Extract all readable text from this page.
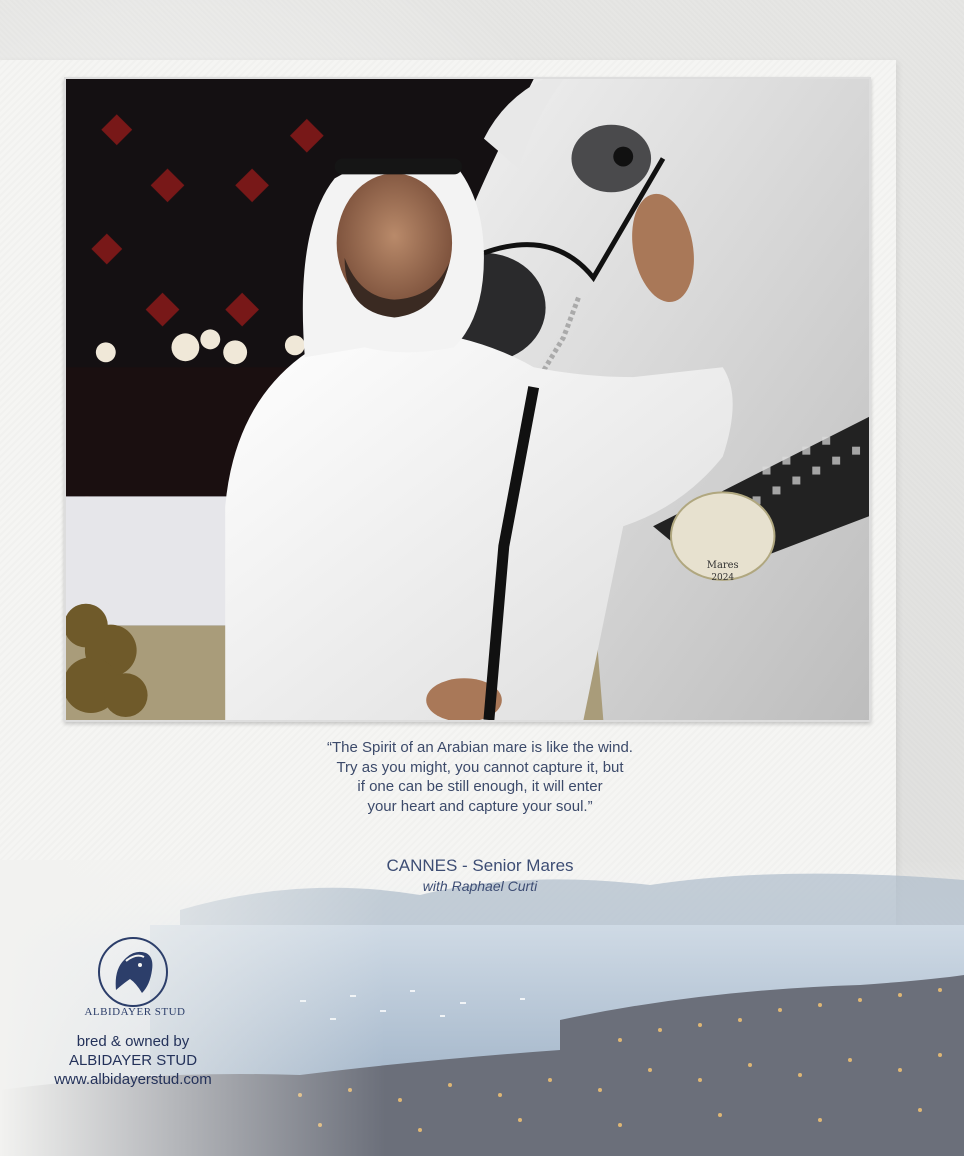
Mares
2024
“The Spirit of an Arabian mare is like the wind.
Try as you might, you cannot capture it, but
if one can be still enough, it will enter
your heart and capture your soul.”
CANNES - Senior Mares
with Raphael Curti
ALBIDAYER STUD
bred & owned by
ALBIDAYER STUD
www.albidayerstud.com
